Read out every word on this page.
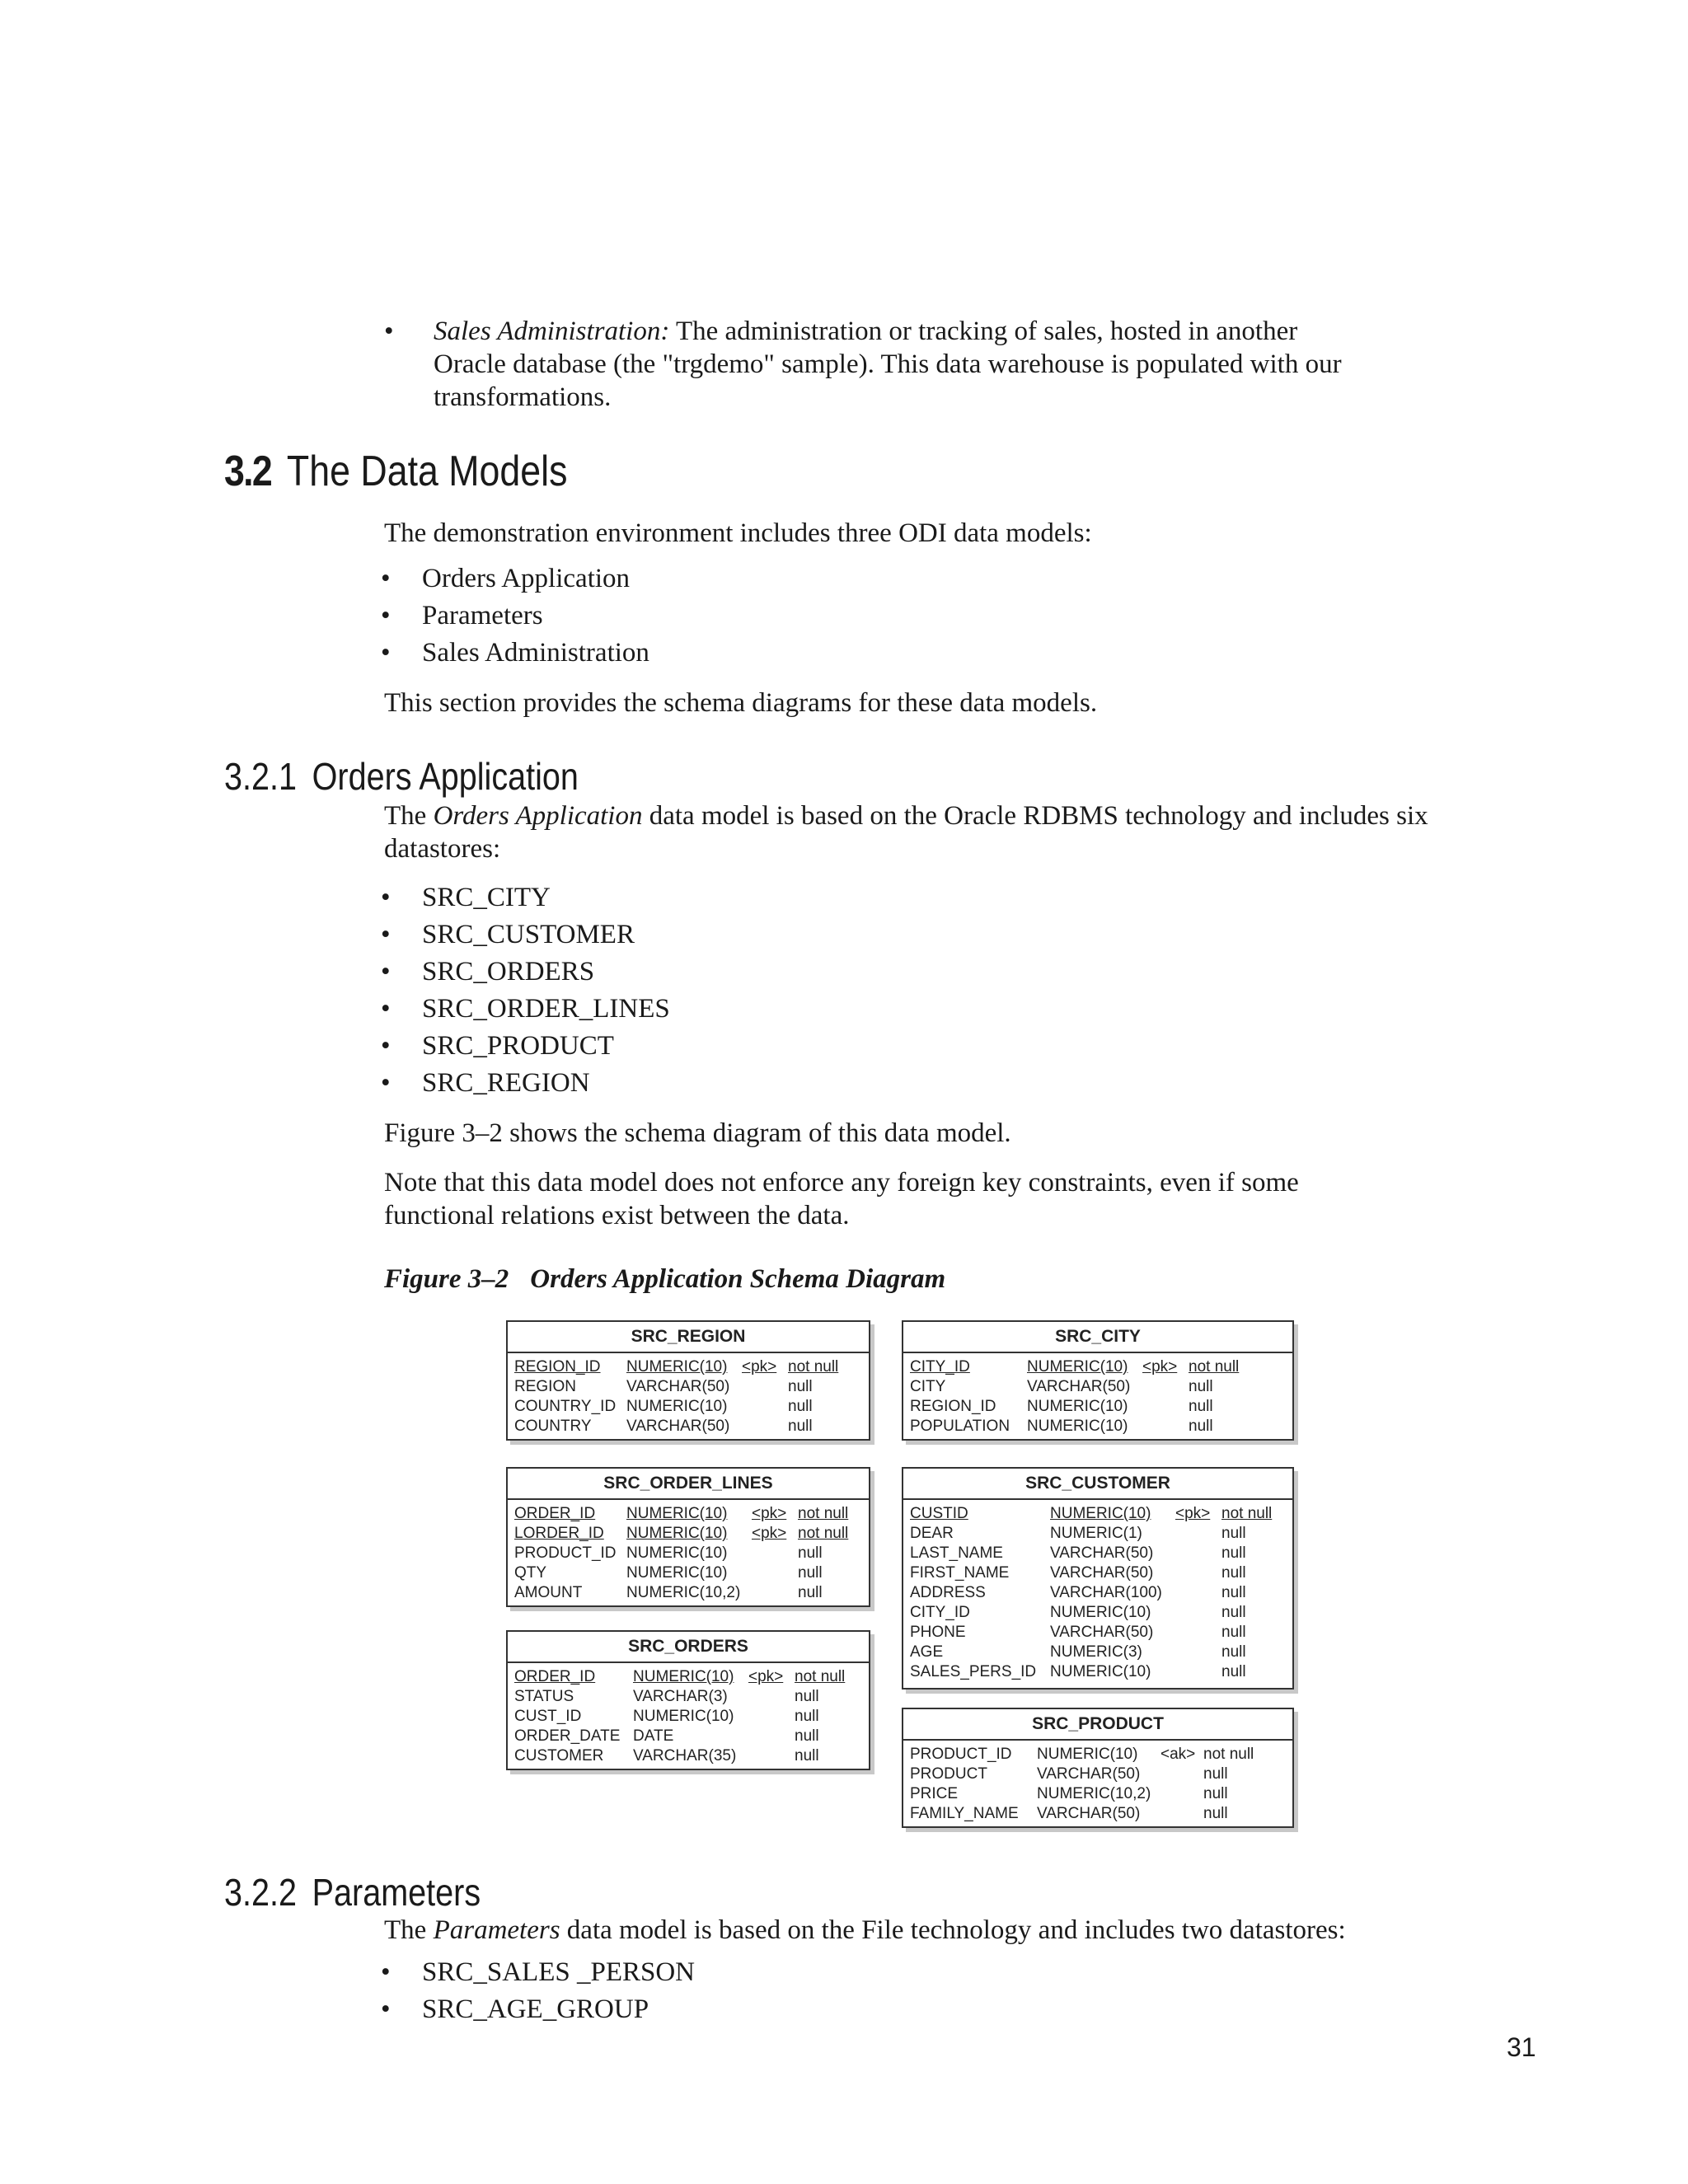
• Sales Administration: The administration or tracking of sales, hosted in another
Oracle database (the "trgdemo" sample). This data warehouse is populated with our
transformations.
3.2 The Data Models
The demonstration environment includes three ODI data models:
• Orders Application
• Parameters
• Sales Administration
This section provides the schema diagrams for these data models.
3.2.1 Orders Application
The Orders Application data model is based on the Oracle RDBMS technology and includes six
datastores:
• SRC_CITY
• SRC_CUSTOMER
• SRC_ORDERS
• SRC_ORDER_LINES
• SRC_PRODUCT
• SRC_REGION
Figure 3–2 shows the schema diagram of this data model.
Note that this data model does not enforce any foreign key constraints, even if some
functional relations exist between the data.
Figure 3–2 Orders Application Schema Diagram
SRC_REGION
REGION_ID NUMERIC(10) <pk> not null
REGION	VARCHAR(50)	null
COUNTRY_ID NUMERIC(10)	null
COUNTRY VARCHAR(50)	null
SRC_CITY
CITY_ID	NUMERIC(10) <pk> not null
CITY	VARCHAR(50)	null
REGION_ID NUMERIC(10)	null
POPULATION NUMERIC(10)	null
SRC_ORDER_LINES
ORDER_ID NUMERIC(10) <pk> not null
LORDER_ID NUMERIC(10) <pk> not null
PRODUCT_ID NUMERIC(10)	null
QTY	NUMERIC(10)	null
AMOUNT	NUMERIC(10,2)	null
SRC_CUSTOMER
CUSTID	NUMERIC(10) <pk> not null
DEAR	NUMERIC(1)	null
LAST_NAME	VARCHAR(50)	null
FIRST_NAME	VARCHAR(50)	null
ADDRESS	VARCHAR(100)	null
CITY_ID	NUMERIC(10)	null
PHONE	VARCHAR(50)	null
AGE	NUMERIC(3)	null
SALES_PERS_ID NUMERIC(10)	null
SRC_ORDERS
ORDER_ID NUMERIC(10) <pk> not null
STATUS	VARCHAR(3)	null
CUST_ID	NUMERIC(10)	null
ORDER_DATE DATE	null
CUSTOMER VARCHAR(35)	null
SRC_PRODUCT
PRODUCT_ID NUMERIC(10) <ak> not null
PRODUCT	VARCHAR(50)	null
PRICE	NUMERIC(10,2)	null
FAMILY_NAME VARCHAR(50)	null
3.2.2 Parameters
The Parameters data model is based on the File technology and includes two datastores:
• SRC_SALES _PERSON
• SRC_AGE_GROUP
31
